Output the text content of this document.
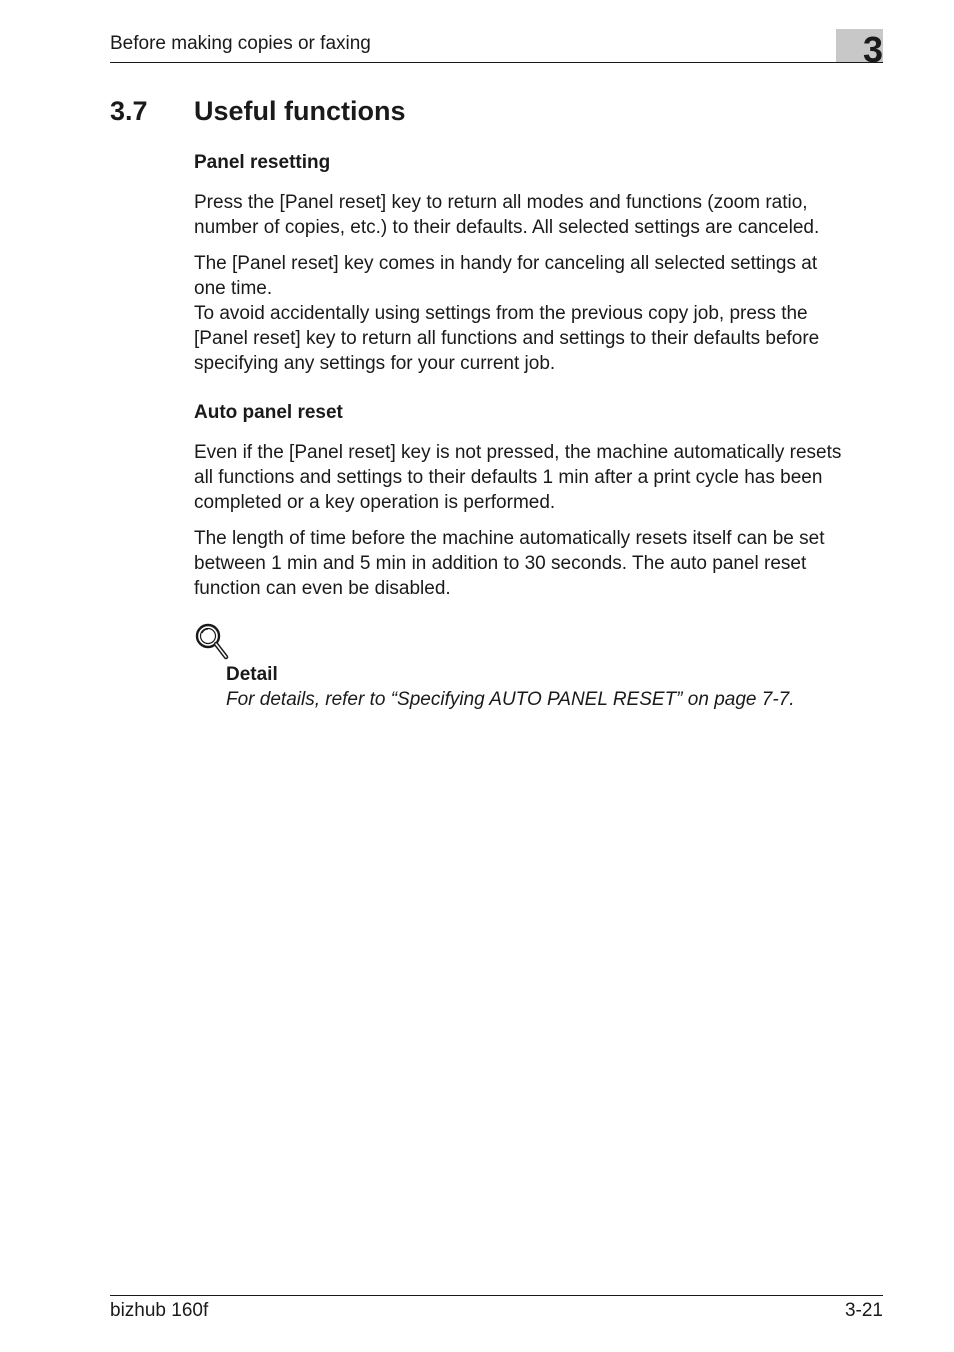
Before making copies or faxing	3
3.7 Useful functions
Panel resetting
Press the [Panel reset] key to return all modes and functions (zoom ratio,
number of copies, etc.) to their defaults. All selected settings are canceled.
The [Panel reset] key comes in handy for canceling all selected settings at
one time.
To avoid accidentally using settings from the previous copy job, press the
[Panel reset] key to return all functions and settings to their defaults before
specifying any settings for your current job.
Auto panel reset
Even if the [Panel reset] key is not pressed, the machine automatically resets
all functions and settings to their defaults 1 min after a print cycle has been
completed or a key operation is performed.
The length of time before the machine automatically resets itself can be set
between 1 min and 5 min in addition to 30 seconds. The auto panel reset
function can even be disabled.
Detail
For details, refer to “Specifying AUTO PANEL RESET” on page 7-7.
bizhub 160f	3-21
